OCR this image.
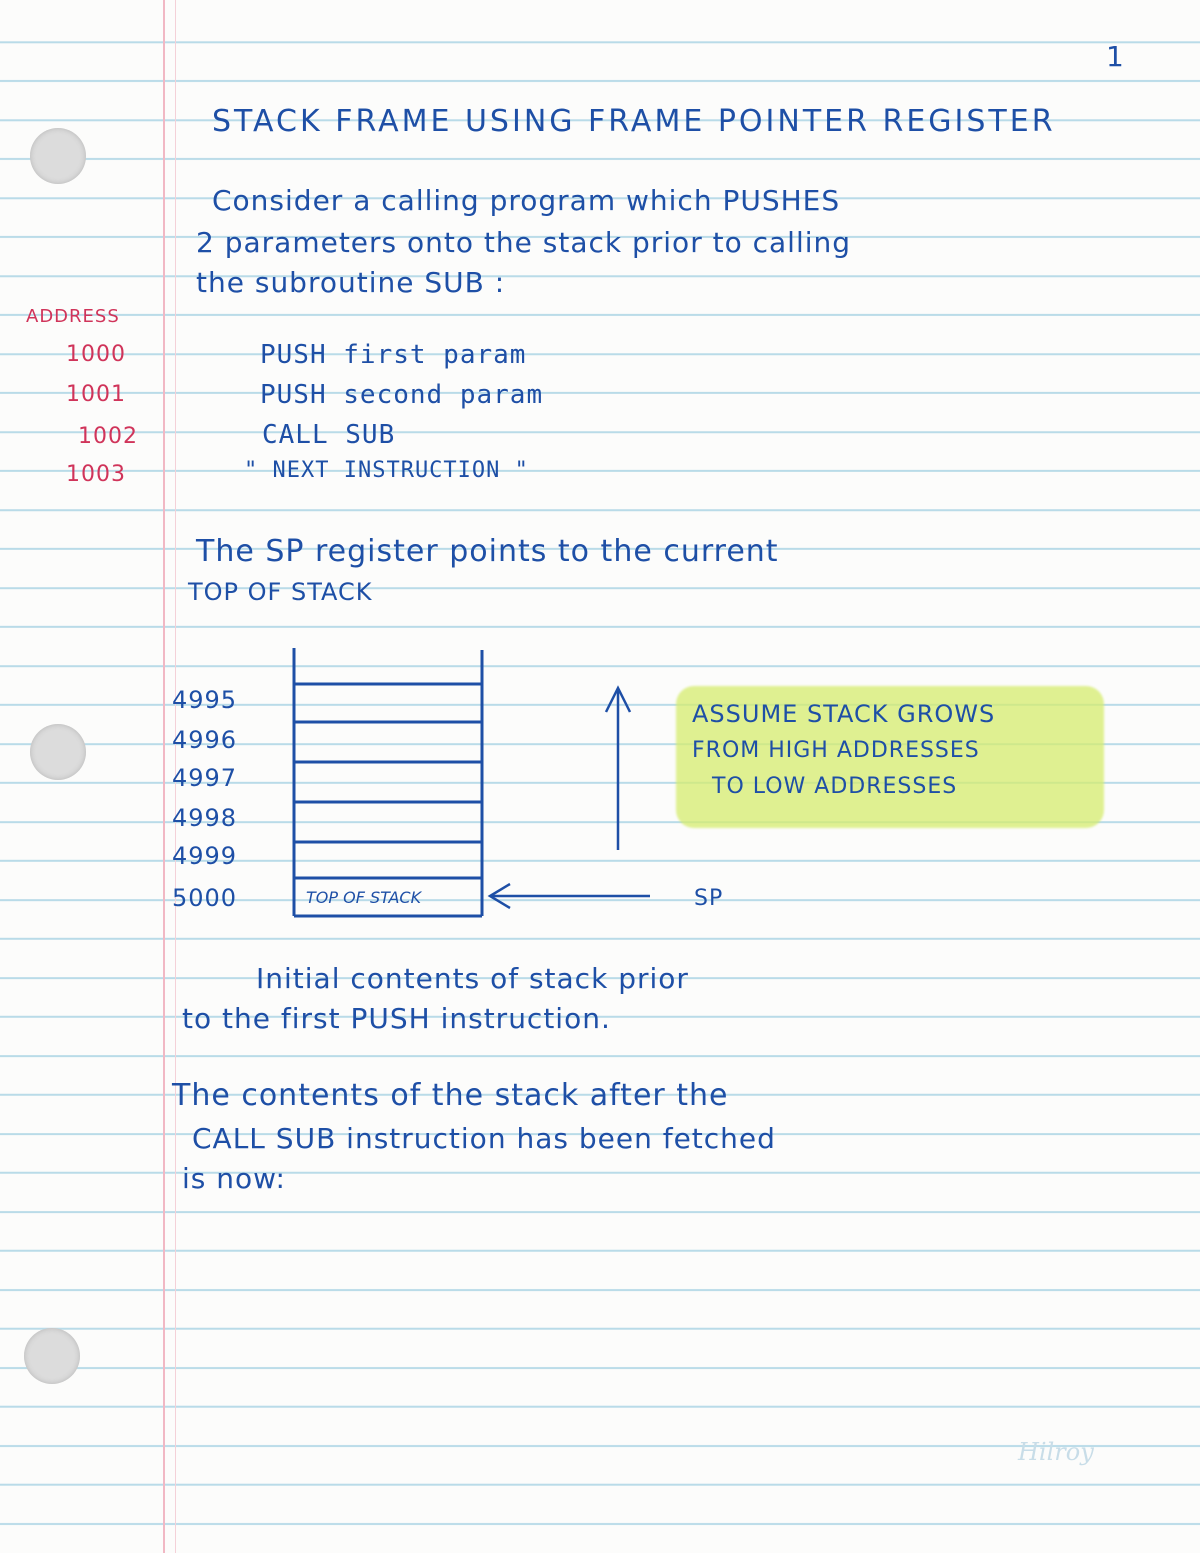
1
STACK FRAME USING FRAME POINTER REGISTER
Consider a calling program which PUSHES
2 parameters onto the stack prior to calling
the subroutine SUB :
ADDRESS
1000
1001
1002
1003
PUSH first param
PUSH second param
CALL SUB
" NEXT INSTRUCTION "
The SP register points to the current
TOP OF STACK
ASSUME STACK GROWS
FROM HIGH ADDRESSES
TO LOW ADDRESSES
4995
4996
4997
4998
4999
5000	TOP OF STACK	SP
Initial contents of stack prior
to the first PUSH instruction.
The contents of the stack after the
CALL SUB instruction has been fetched
is now:
Hilroy
